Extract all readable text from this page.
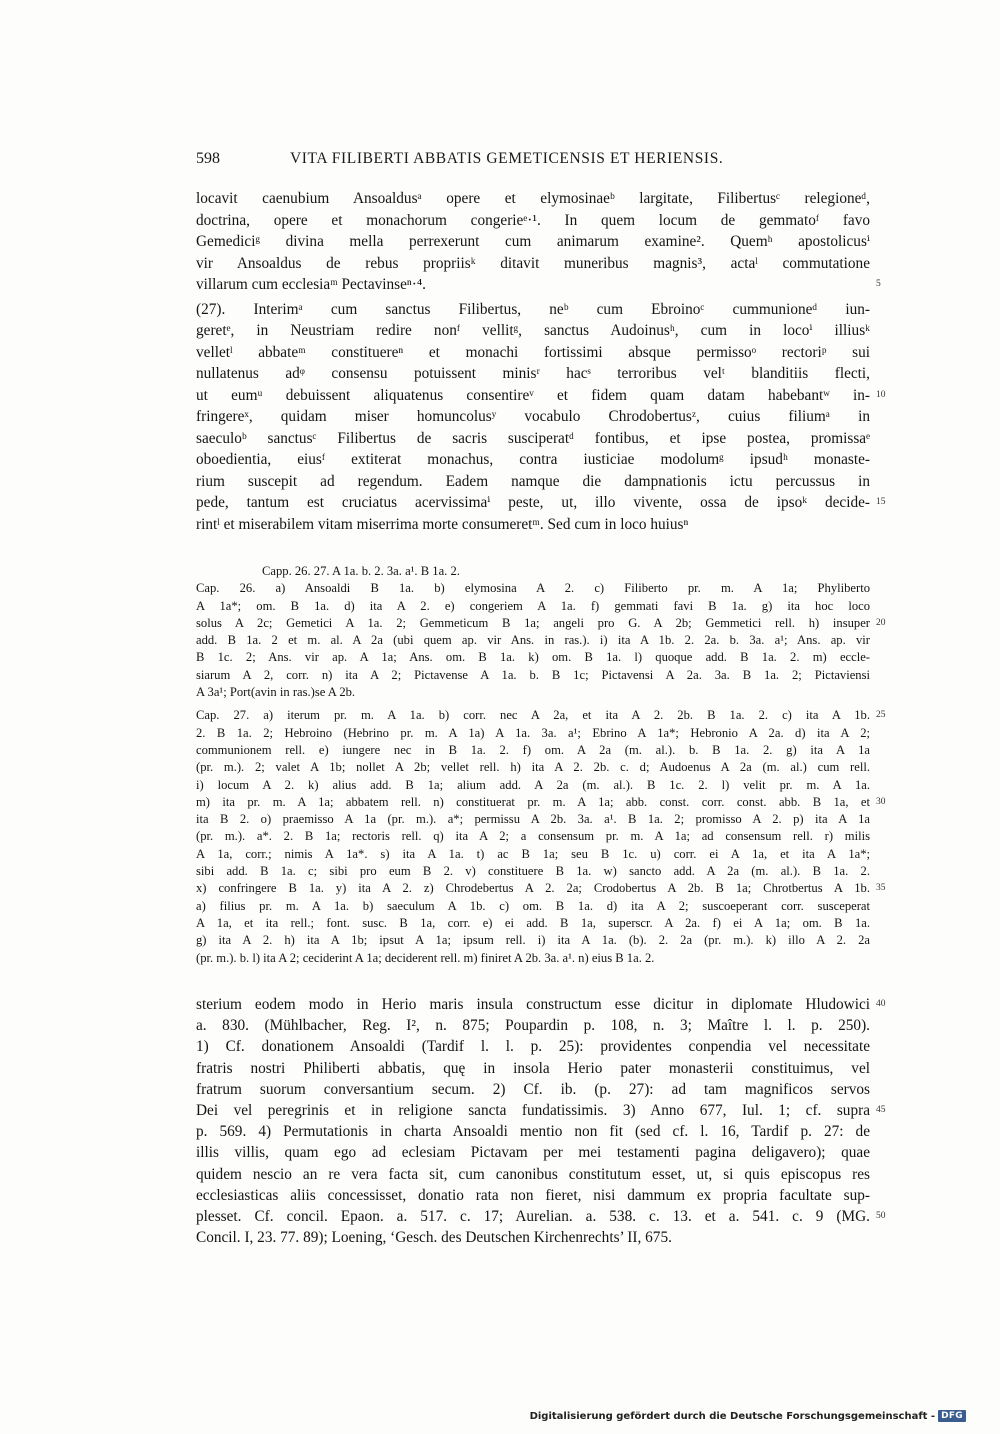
598	VITA FILIBERTI ABBATIS GEMETICENSIS ET HERIENSIS.
locavit caenubium Ansoaldusᵃ opere et elymosinaeᵇ largitate, Filibertusᶜ relegioneᵈ,
doctrina, opere et monachorum congerieᵉ·¹. In quem locum de gemmatoᶠ favo
Gemediciᵍ divina mella perrexerunt cum animarum examine². Quemʰ apostolicusⁱ
vir Ansoaldus de rebus propriisᵏ ditavit muneribus magnis³, actaˡ commutatione
villarum cum ecclesiaᵐ Pectavinseⁿ·⁴.	5
(27). Interimᵃ cum sanctus Filibertus, neᵇ cum Ebroinoᶜ cummunioneᵈ iun-
geretᵉ, in Neustriam redire nonᶠ vellitᵍ, sanctus Audoinusʰ, cum in locoⁱ illiusᵏ
velletˡ abbateᵐ constituereⁿ et monachi fortissimi absque permissoᵒ rectoriᵖ sui
nullatenus adᵠ consensu potuissent minisʳ hacˢ terroribus velᵗ blanditiis flecti,
ut eumᵘ debuissent aliquatenus consentireᵛ et fidem quam datam habebantʷ in- 10
fringereˣ, quidam miser homuncolusʸ vocabulo Chrodobertusᶻ, cuius filiumᵃ in
saeculoᵇ sanctusᶜ Filibertus de sacris susciperatᵈ fontibus, et ipse postea, promissaᵉ
oboedientia, eiusᶠ extiterat monachus, contra iusticiae modolumᵍ ipsudʰ monaste-
rium suscepit ad regendum. Eadem namque die dampnationis ictu percussus in
pede, tantum est cruciatus acervissimaⁱ peste, ut, illo vivente, ossa de ipsoᵏ decide- 15
rintˡ et miserabilem vitam miserrima morte consumeretᵐ. Sed cum in loco huiusⁿ
Capp. 26. 27. A 1a. b. 2. 3a. a¹. B 1a. 2.
Cap. 26. a) Ansoaldi B 1a. b) elymosina A 2. c) Filiberto pr. m. A 1a; Phyliberto
A 1a*; om. B 1a. d) ita A 2. e) congeriem A 1a. f) gemmati favi B 1a. g) ita hoc loco
solus A 2c; Gemetici A 1a. 2; Gemmeticum B 1a; angeli pro G. A 2b; Gemmetici rell. h) insuper 20
add. B 1a. 2 et m. al. A 2a (ubi quem ap. vir Ans. in ras.). i) ita A 1b. 2. 2a. b. 3a. a¹; Ans. ap. vir
B 1c. 2; Ans. vir ap. A 1a; Ans. om. B 1a. k) om. B 1a. l) quoque add. B 1a. 2. m) eccle-
siarum A 2, corr. n) ita A 2; Pictavense A 1a. b. B 1c; Pictavensi A 2a. 3a. B 1a. 2; Pictaviensi
A 3a¹; Port(avin in ras.)se A 2b.
Cap. 27. a) iterum pr. m. A 1a. b) corr. nec A 2a, et ita A 2. 2b. B 1a. 2. c) ita A 1b. 25
2. B 1a. 2; Hebroino (Hebrino pr. m. A 1a) A 1a. 3a. a¹; Ebrino A 1a*; Hebronio A 2a. d) ita A 2;
communionem rell. e) iungere nec in B 1a. 2. f) om. A 2a (m. al.). b. B 1a. 2. g) ita A 1a
(pr. m.). 2; valet A 1b; nollet A 2b; vellet rell. h) ita A 2. 2b. c. d; Audoenus A 2a (m. al.) cum rell.
i) locum A 2. k) alius add. B 1a; alium add. A 2a (m. al.). B 1c. 2. l) velit pr. m. A 1a.
m) ita pr. m. A 1a; abbatem rell. n) constituerat pr. m. A 1a; abb. const. corr. const. abb. B 1a, et 30
ita B 2. o) praemisso A 1a (pr. m.). a*; permissu A 2b. 3a. a¹. B 1a. 2; promisso A 2. p) ita A 1a
(pr. m.). a*. 2. B 1a; rectoris rell. q) ita A 2; a consensum pr. m. A 1a; ad consensum rell. r) milis
A 1a, corr.; nimis A 1a*. s) ita A 1a. t) ac B 1a; seu B 1c. u) corr. ei A 1a, et ita A 1a*;
sibi add. B 1a. c; sibi pro eum B 2. v) constituere B 1a. w) sancto add. A 2a (m. al.). B 1a. 2.
x) confringere B 1a. y) ita A 2. z) Chrodebertus A 2. 2a; Crodobertus A 2b. B 1a; Chrotbertus A 1b. 35
a) filius pr. m. A 1a. b) saeculum A 1b. c) om. B 1a. d) ita A 2; suscoeperant corr. susceperat
A 1a, et ita rell.; font. susc. B 1a, corr. e) ei add. B 1a, superscr. A 2a. f) ei A 1a; om. B 1a.
g) ita A 2. h) ita A 1b; ipsut A 1a; ipsum rell. i) ita A 1a. (b). 2. 2a (pr. m.). k) illo A 2. 2a
(pr. m.). b. l) ita A 2; ceciderint A 1a; deciderent rell. m) finiret A 2b. 3a. a¹. n) eius B 1a. 2.
sterium eodem modo in Herio maris insula constructum esse dicitur in diplomate Hludowici 40
a. 830. (Mühlbacher, Reg. I², n. 875; Poupardin p. 108, n. 3; Maître l. l. p. 250).
1) Cf. donationem Ansoaldi (Tardif l. l. p. 25): providentes conpendia vel necessitate
fratris nostri Philiberti abbatis, quę in insola Herio pater monasterii constituimus, vel
fratrum suorum conversantium secum. 2) Cf. ib. (p. 27): ad tam magnificos servos
Dei vel peregrinis et in religione sancta fundatissimis. 3) Anno 677, Iul. 1; cf. supra 45
p. 569. 4) Permutationis in charta Ansoaldi mentio non fit (sed cf. l. 16, Tardif p. 27: de
illis villis, quam ego ad eclesiam Pictavam per mei testamenti pagina deligavero); quae
quidem nescio an re vera facta sit, cum canonibus constitutum esset, ut, si quis episcopus res
ecclesiasticas aliis concessisset, donatio rata non fieret, nisi dammum ex propria facultate sup-
plesset. Cf. concil. Epaon. a. 517. c. 17; Aurelian. a. 538. c. 13. et a. 541. c. 9 (MG. 50
Concil. I, 23. 77. 89); Loening, ‘Gesch. des Deutschen Kirchenrechts’ II, 675.
Digitalisierung gefördert durch die Deutsche Forschungsgemeinschaft - DFG
